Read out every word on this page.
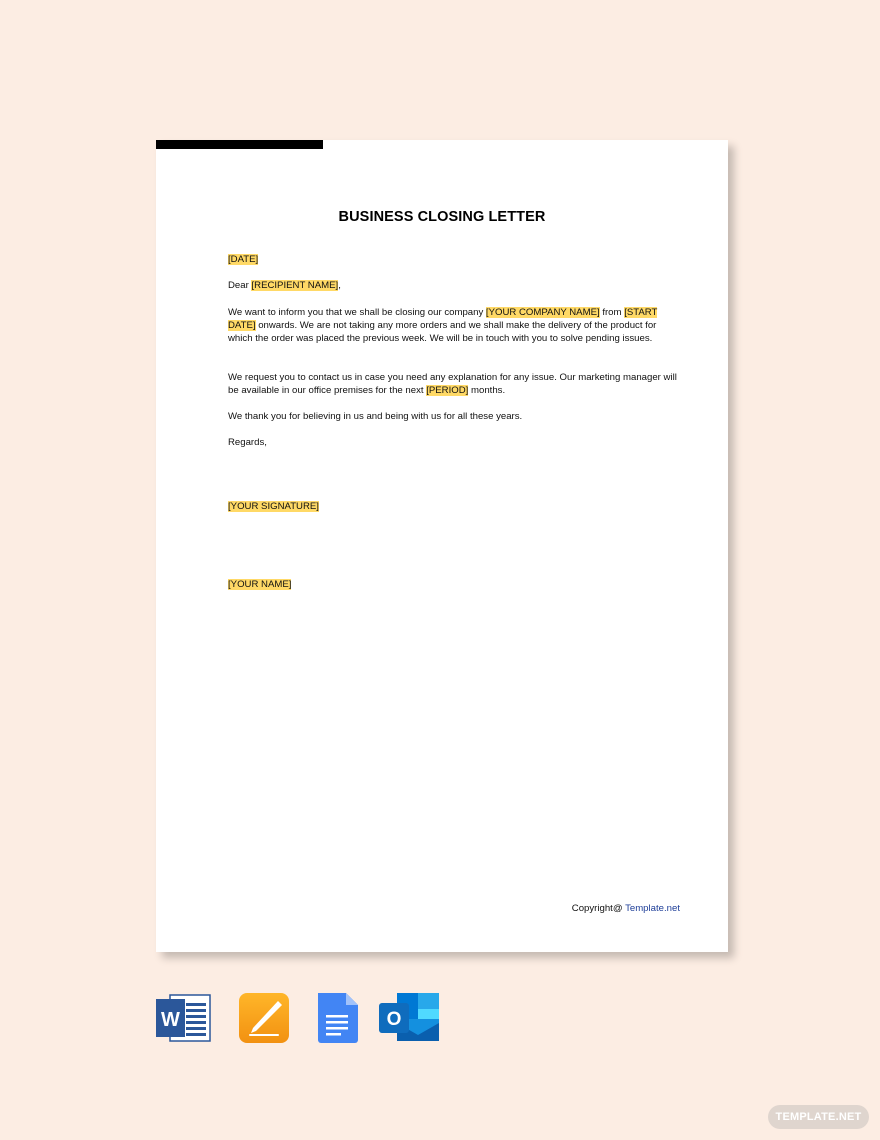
BUSINESS CLOSING LETTER
[DATE]
Dear [RECIPIENT NAME],
We want to inform you that we shall be closing our company [YOUR COMPANY NAME] from [START
DATE] onwards. We are not taking any more orders and we shall make the delivery of the product for which the order was placed the previous week. We will be in touch with you to solve pending issues.
We request you to contact us in case you need any explanation for any issue. Our marketing manager will be available in our office premises for the next [PERIOD] months.
We thank you for believing in us and being with us for all these years.
Regards,
[YOUR SIGNATURE]
[YOUR NAME]
Copyright@ Template.net
W	O
TEMPLATE.NET
